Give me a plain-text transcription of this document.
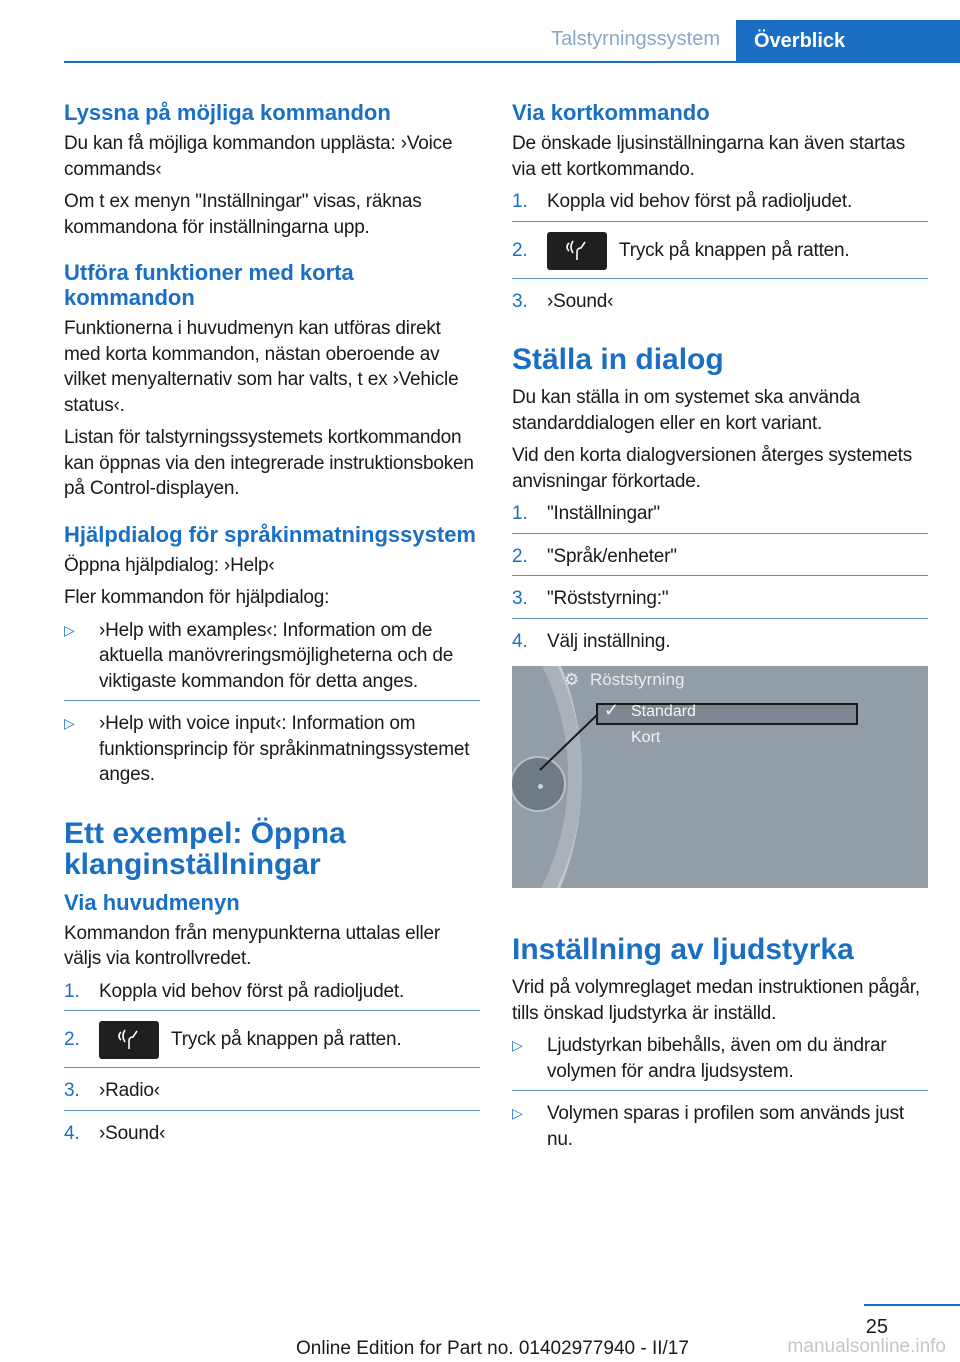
Talstyrningssystem	Överblick
Lyssna på möjliga kommandon

Du kan få möjliga kommandon upplästa: ›Voice commands‹

Om t ex menyn "Inställningar" visas, räknas kommandona för inställningarna upp.

Utföra funktioner med korta kommandon

Funktionerna i huvudmenyn kan utföras direkt med korta kommandon, nästan oberoende av vilket menyalternativ som har valts, t ex ›Vehicle status‹.

Listan för talstyrningssystemets kortkommandon kan öppnas via den integrerade instruktionsboken på Control-displayen.

Hjälpdialog för språkinmatningssystem

Öppna hjälpdialog: ›Help‹

Fler kommandon för hjälpdialog:

▷ ›Help with examples‹: Information om de aktuella manövreringsmöjligheterna och de viktigaste kommandon för detta anges.
▷ ›Help with voice input‹: Information om funktionsprincip för språkinmatningssystemet anges.
Ett exempel: Öppna klanginställningar
Via huvudmenyn

Kommandon från menypunkterna uttalas eller väljs via kontrollvredet.

1. Koppla vid behov först på radioljudet.
2.	Tryck på knappen på ratten.
3. ›Radio‹
4. ›Sound‹
Via kortkommando

De önskade ljusinställningarna kan även startas via ett kortkommando.

1. Koppla vid behov först på radioljudet.
2.	Tryck på knappen på ratten.
3. ›Sound‹
Ställa in dialog

Du kan ställa in om systemet ska använda standarddialogen eller en kort variant.

Vid den korta dialogversionen återges systemets anvisningar förkortade.

1. "Inställningar"
2. "Språk/enheter"
3. "Röststyrning:"
4. Välj inställning.
⚙ Röststyrning
✓ Standard
Kort
Inställning av ljudstyrka

Vrid på volymreglaget medan instruktionen pågår, tills önskad ljudstyrka är inställd.

▷ Ljudstyrkan bibehålls, även om du ändrar volymen för andra ljudsystem.
▷ Volymen sparas i profilen som används just nu.
25
Online Edition for Part no. 01402977940 - II/17	manualsonline.info
